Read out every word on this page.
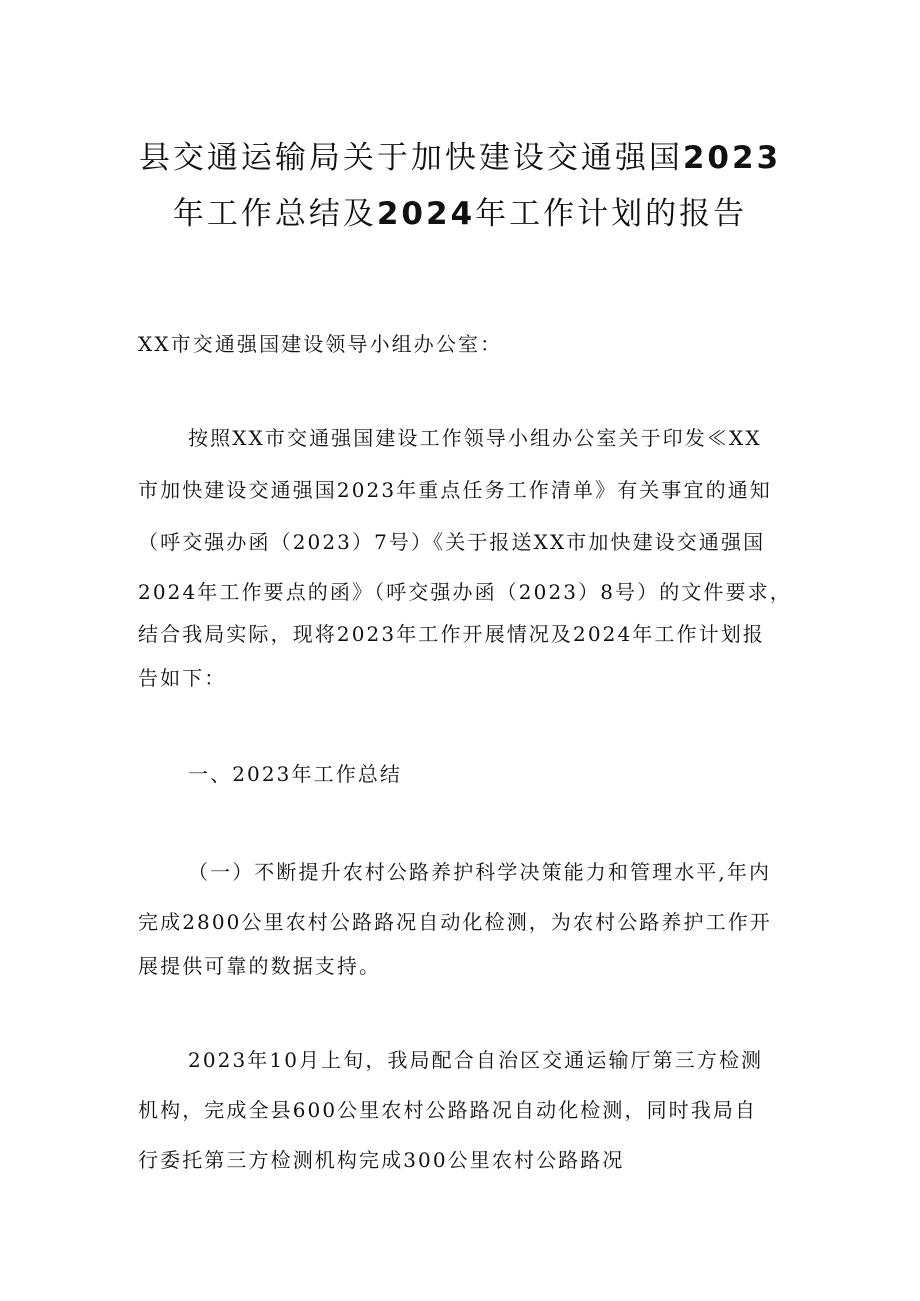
县交通运输局关于加快建设交通强国2023
年工作总结及2024年工作计划的报告

XX市交通强国建设领导小组办公室：

按照XX市交通强国建设工作领导小组办公室关于印发≪XX

市加快建设交通强国2023年重点任务工作清单》有关事宜的通知

（呼交强办函（2023）7号）《关于报送XX市加快建设交通强国

2024年工作要点的函》（呼交强办函（2023）8号）的文件要求，

结合我局实际，现将2023年工作开展情况及2024年工作计划报

告如下：

一、2023年工作总结

（一）不断提升农村公路养护科学决策能力和管理水平,年内

完成2800公里农村公路路况自动化检测，为农村公路养护工作开

展提供可靠的数据支持。

2023年10月上旬，我局配合自治区交通运输厅第三方检测

机构，完成全县600公里农村公路路况自动化检测，同时我局自

行委托第三方检测机构完成300公里农村公路路况
